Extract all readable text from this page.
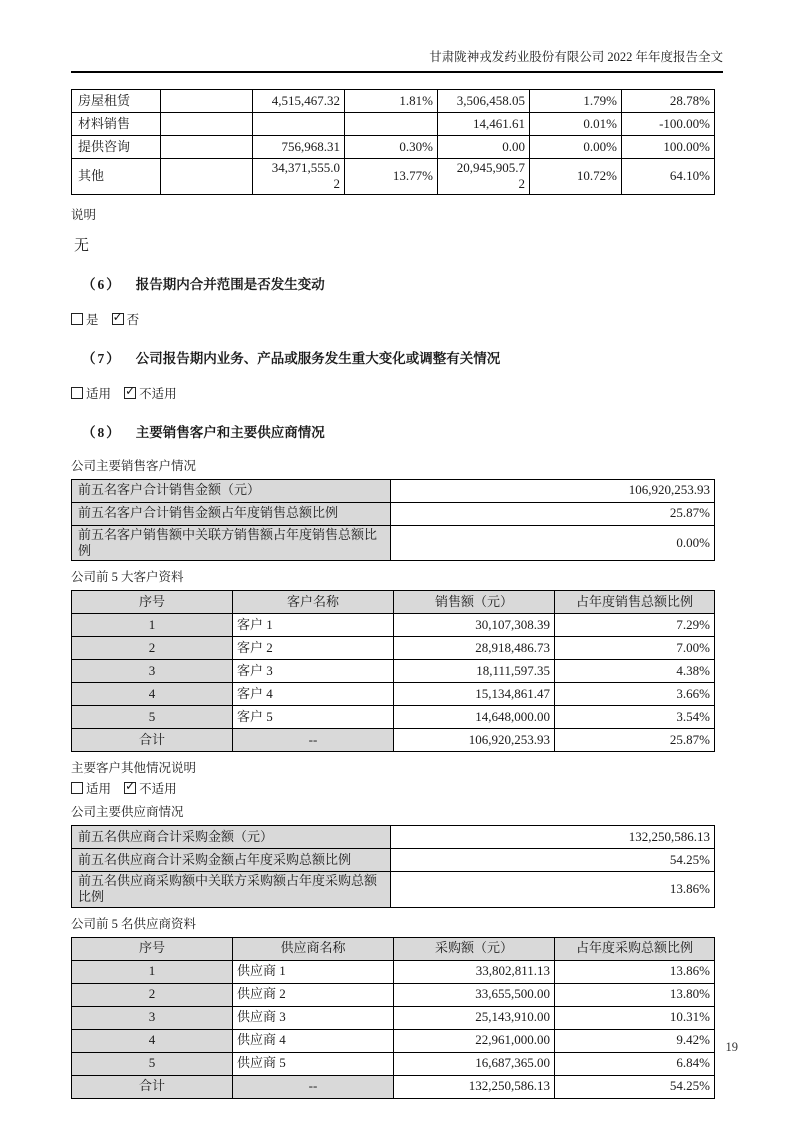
甘肃陇神戎发药业股份有限公司 2022 年年度报告全文
房屋租赁		4,515,467.32	1.81%	3,506,458.05	1.79%	28.78%
材料销售				14,461.61	0.01%	-100.00%
提供咨询		756,968.31	0.30%	0.00	0.00%	100.00%
其他		34,371,555.02	13.77%	20,945,905.72	10.72%	64.10%

说明

无

（6） 报告期内合并范围是否发生变动

是 ✓ 否

（7） 公司报告期内业务、产品或服务发生重大变化或调整有关情况

适用 ✓ 不适用

（8） 主要销售客户和主要供应商情况

公司主要销售客户情况

前五名客户合计销售金额（元）	106,920,253.93
前五名客户合计销售金额占年度销售总额比例	25.87%
前五名客户销售额中关联方销售额占年度销售总额比例	0.00%

公司前 5 大客户资料

序号	客户名称	销售额（元）	占年度销售总额比例
1	客户 1	30,107,308.39	7.29%
2	客户 2	28,918,486.73	7.00%
3	客户 3	18,111,597.35	4.38%
4	客户 4	15,134,861.47	3.66%
5	客户 5	14,648,000.00	3.54%
合计	--	106,920,253.93	25.87%

主要客户其他情况说明

适用 ✓ 不适用

公司主要供应商情况

前五名供应商合计采购金额（元）	132,250,586.13
前五名供应商合计采购金额占年度采购总额比例	54.25%
前五名供应商采购额中关联方采购额占年度采购总额比例	13.86%

公司前 5 名供应商资料

序号	供应商名称	采购额（元）	占年度采购总额比例
1	供应商 1	33,802,811.13	13.86%
2	供应商 2	33,655,500.00	13.80%
3	供应商 3	25,143,910.00	10.31%
4	供应商 4	22,961,000.00	9.42%
5	供应商 5	16,687,365.00	6.84%
合计	--	132,250,586.13	54.25%
19
